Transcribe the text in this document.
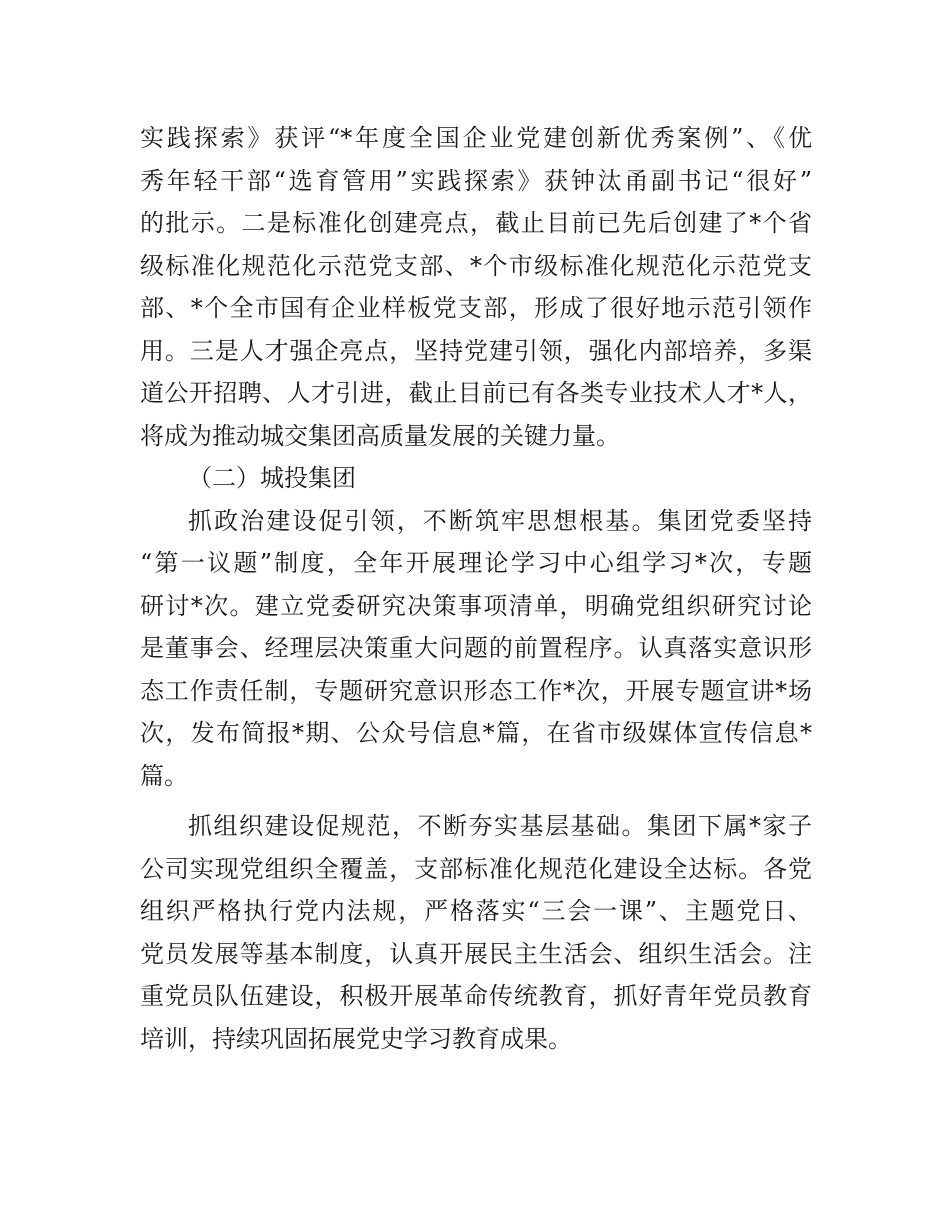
实践探索》获评“*年度全国企业党建创新优秀案例”、《优
秀年轻干部“选育管用”实践探索》获钟汰甬副书记“很好”
的批示。二是标准化创建亮点，截止目前已先后创建了*个省
级标准化规范化示范党支部、*个市级标准化规范化示范党支
部、*个全市国有企业样板党支部，形成了很好地示范引领作
用。三是人才强企亮点，坚持党建引领，强化内部培养，多渠
道公开招聘、人才引进，截止目前已有各类专业技术人才*人，
将成为推动城交集团高质量发展的关键力量。
（二）城投集团
抓政治建设促引领，不断筑牢思想根基。集团党委坚持
“第一议题”制度，全年开展理论学习中心组学习*次，专题
研讨*次。建立党委研究决策事项清单，明确党组织研究讨论
是董事会、经理层决策重大问题的前置程序。认真落实意识形
态工作责任制，专题研究意识形态工作*次，开展专题宣讲*场
次，发布简报*期、公众号信息*篇，在省市级媒体宣传信息*
篇。
抓组织建设促规范，不断夯实基层基础。集团下属*家子
公司实现党组织全覆盖，支部标准化规范化建设全达标。各党
组织严格执行党内法规，严格落实“三会一课”、主题党日、
党员发展等基本制度，认真开展民主生活会、组织生活会。注
重党员队伍建设，积极开展革命传统教育，抓好青年党员教育
培训，持续巩固拓展党史学习教育成果。
